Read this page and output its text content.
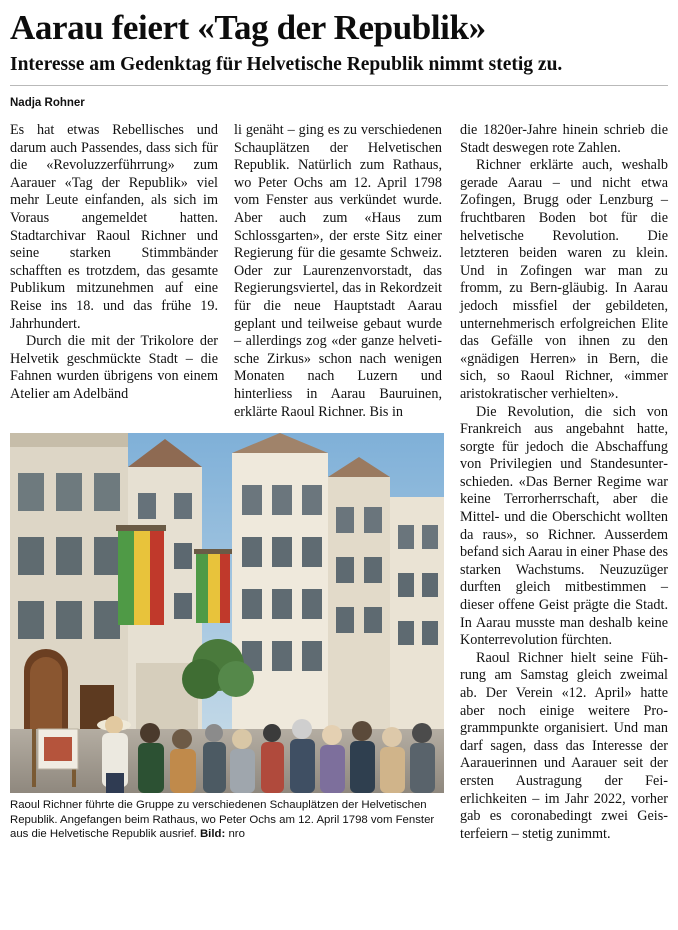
Aarau feiert «Tag der Republik»
Interesse am Gedenktag für Helvetische Republik nimmt stetig zu.
Nadja Rohner

Es hat etwas Rebellisches und darum auch Passendes, dass sich für die «Revoluzzerführrung» zum Aarauer «Tag der Republik» viel mehr Leute einfanden, als sich im Voraus angemeldet hatten. Stadtarchivar Raoul Richner und seine starken Stimmbänder schafften es trotzdem, das gesamte Publikum mitzunehmen auf eine Reise ins 18. und das frühe 19. Jahrhundert.

Durch die mit der Trikolore der Helvetik geschmückte Stadt – die Fahnen wurden übrigens von einem Atelier am Adelbänd

li genäht – ging es zu verschiedenen Schauplätzen der Helvetischen Republik. Natürlich zum Rathaus, wo Peter Ochs am 12. April 1798 vom Fenster aus verkündet wurde. Aber auch zum «Haus zum Schlossgarten», der erste Sitz einer Regierung für die gesamte Schweiz. Oder zur Laurenzenvorstadt, das Regierungsviertel, das in Rekordzeit für die neue Hauptstadt Aarau geplant und teilweise gebaut wurde – allerdings zog «der ganze helvetische Zirkus» schon nach wenigen Monaten nach Luzern und hinterliess in Aarau Bauruinen, erklärte Raoul Richner. Bis in

Raoul Richner führte die Gruppe zu verschiedenen Schauplätzen der Helvetischen Republik. Angefangen beim Rathaus, wo Peter Ochs am 12. April 1798 vom Fenster aus die Helvetische Republik ausrief. Bild: nro

die 1820er-Jahre hinein schrieb die Stadt deswegen rote Zahlen.

Richner erklärte auch, weshalb gerade Aarau – und nicht etwa Zofingen, Brugg oder Lenzburg – fruchtbaren Boden bot für die helvetische Revolution. Die letzteren beiden waren zu klein. Und in Zofingen war man zu fromm, zu Bern-gläubig. In Aarau jedoch missfiel der gebildeten, unternehmerisch erfolgreichen Elite das Gefälle von ihnen zu den «gnädigen Herren» in Bern, die sich, so Raoul Richner, «immer aristokratischer verhielten».

Die Revolution, die sich von Frankreich aus angebahnt hatte, sorgte für jedoch die Abschaffung von Privilegien und Standesunterschieden. «Das Berner Regime war keine Terrorherrschaft, aber die Mittel- und die Oberschicht wollten da raus», so Richner. Ausserdem befand sich Aarau in einer Phase des starken Wachstums. Neuzuzüger durften gleich mitbestimmen – dieser offene Geist prägte die Stadt. In Aarau musste man deshalb keine Konterrevolution fürchten.

Raoul Richner hielt seine Führung am Samstag gleich zweimal ab. Der Verein «12. April» hatte aber noch einige weitere Programmpunkte organisiert. Und man darf sagen, dass das Interesse der Aarauerinnen und Aarauer seit der ersten Austragung der Feierlichkeiten – im Jahr 2022, vorher gab es coronabedingt zwei Geisterfeiern – stetig zunimmt.
